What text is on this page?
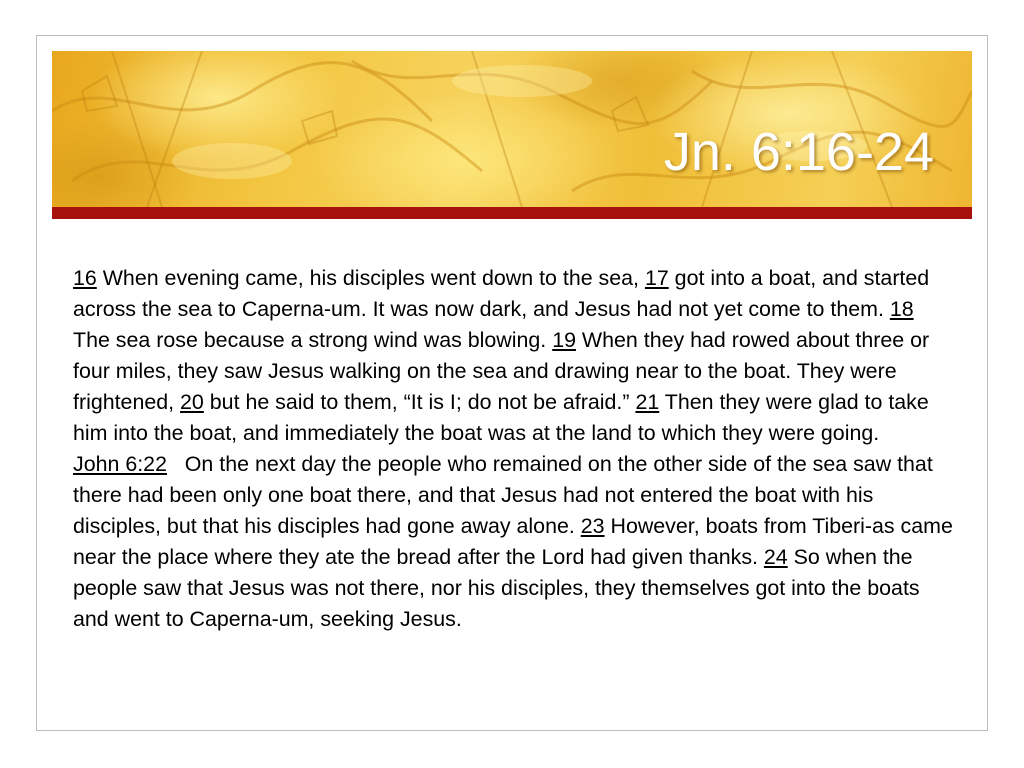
Jn. 6:16-24

16 When evening came, his disciples went down to the sea, 17 got into a boat, and started across the sea to Caperna-um. It was now dark, and Jesus had not yet come to them. 18 The sea rose because a strong wind was blowing. 19 When they had rowed about three or four miles, they saw Jesus walking on the sea and drawing near to the boat. They were frightened, 20 but he said to them, “It is I; do not be afraid.” 21 Then they were glad to take him into the boat, and immediately the boat was at the land to which they were going.

John 6:22   On the next day the people who remained on the other side of the sea saw that there had been only one boat there, and that Jesus had not entered the boat with his disciples, but that his disciples had gone away alone. 23 However, boats from Tiberi-as came near the place where they ate the bread after the Lord had given thanks. 24 So when the people saw that Jesus was not there, nor his disciples, they themselves got into the boats and went to Caperna-um, seeking Jesus.
